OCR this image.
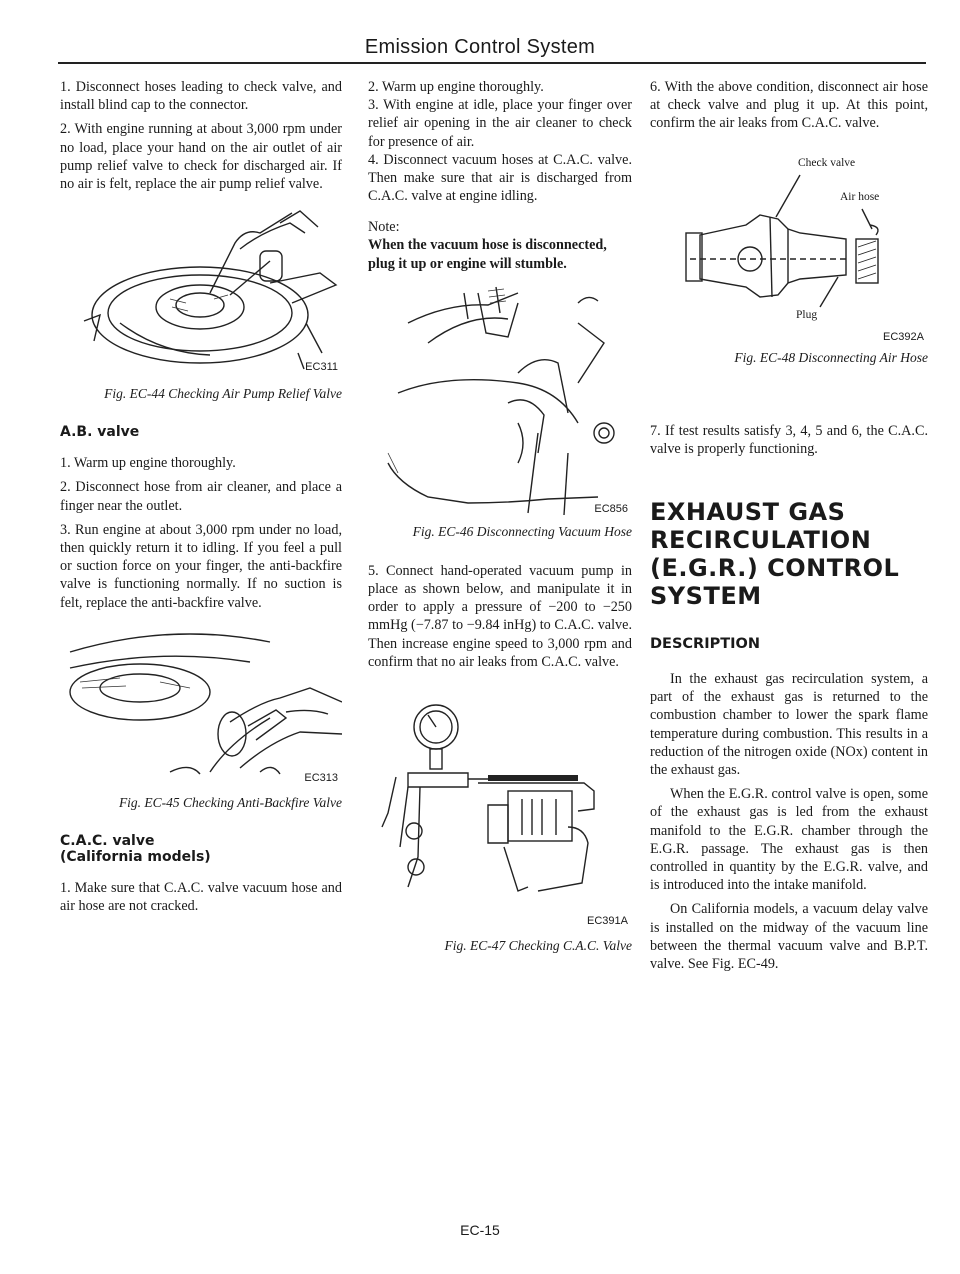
Emission Control System

1. Disconnect hoses leading to check valve, and install blind cap to the connector.

2. With engine running at about 3,000 rpm under no load, place your hand on the air outlet of air pump relief valve to check for discharged air. If no air is felt, replace the air pump relief valve.

EC311
Fig. EC-44 Checking Air Pump Relief Valve
A.B. valve

1. Warm up engine thoroughly.

2. Disconnect hose from air cleaner, and place a finger near the outlet.

3. Run engine at about 3,000 rpm under no load, then quickly return it to idling. If you feel a pull or suction force on your finger, the anti-backfire valve is functioning normally. If no suction is felt, replace the anti-backfire valve.

EC313
Fig. EC-45 Checking Anti-Backfire Valve
C.A.C. valve
(California models)

1. Make sure that C.A.C. valve vacuum hose and air hose are not cracked.

2. Warm up engine thoroughly.

3. With engine at idle, place your finger over relief air opening in the air cleaner to check for presence of air.

4. Disconnect vacuum hoses at C.A.C. valve. Then make sure that air is discharged from C.A.C. valve at engine idling.

Note:
When the vacuum hose is disconnected, plug it up or engine will stumble.
EC856
Fig. EC-46 Disconnecting Vacuum Hose

5. Connect hand-operated vacuum pump in place as shown below, and manipulate it in order to apply a pressure of −200 to −250 mmHg (−7.87 to −9.84 inHg) to C.A.C. valve. Then increase engine speed to 3,000 rpm and confirm that no air leaks from C.A.C. valve.

EC391A
Fig. EC-47 Checking C.A.C. Valve

6. With the above condition, disconnect air hose at check valve and plug it up. At this point, confirm the air leaks from C.A.C. valve.

Check valve
Air hose
Plug
EC392A
Fig. EC-48 Disconnecting Air Hose

7. If test results satisfy 3, 4, 5 and 6, the C.A.C. valve is properly functioning.

EXHAUST GAS RECIRCULATION (E.G.R.) CONTROL SYSTEM
DESCRIPTION

In the exhaust gas recirculation system, a part of the exhaust gas is returned to the combustion chamber to lower the spark flame temperature during combustion. This results in a reduction of the nitrogen oxide (NOx) content in the exhaust gas.

When the E.G.R. control valve is open, some of the exhaust gas is led from the exhaust manifold to the E.G.R. chamber through the E.G.R. passage. The exhaust gas is then controlled in quantity by the E.G.R. valve, and is introduced into the intake manifold.

On California models, a vacuum delay valve is installed on the midway of the vacuum line between the thermal vacuum valve and B.P.T. valve. See Fig. EC-49.

EC-15
